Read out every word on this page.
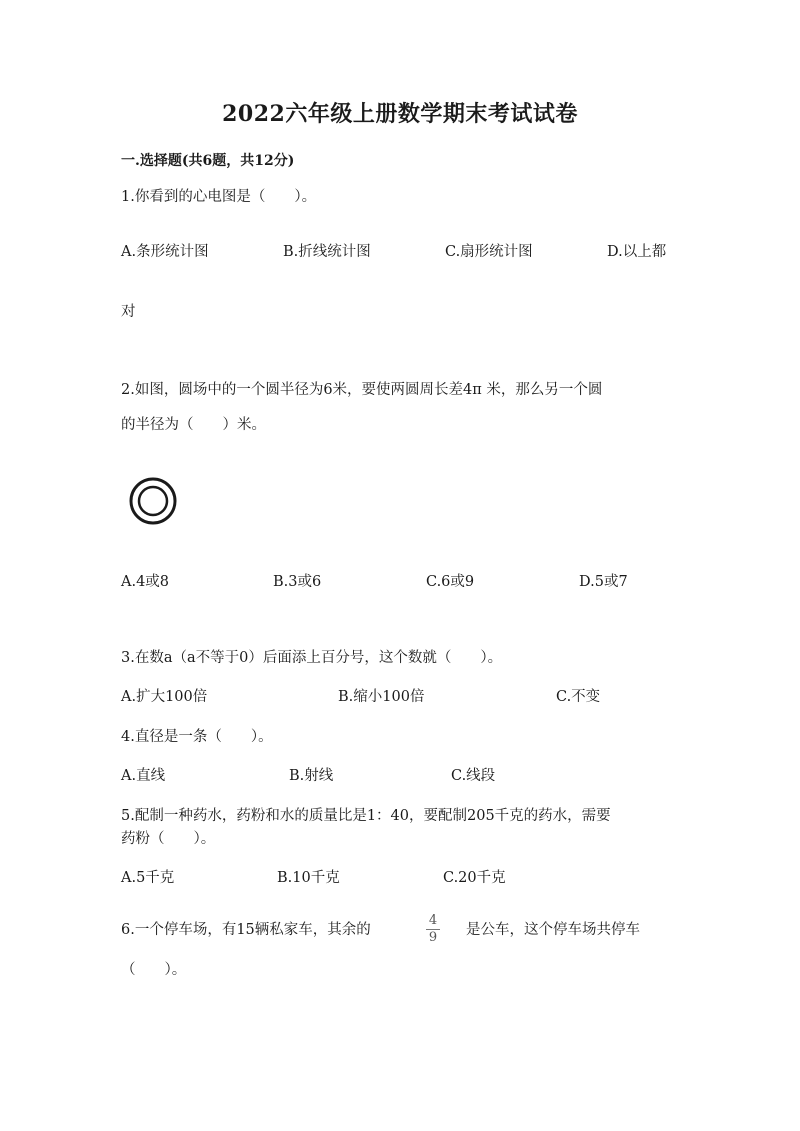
2022六年级上册数学期末考试试卷
一.选择题(共6题，共12分)
1.你看到的心电图是（　　）。
A.条形统计图	B.折线统计图	C.扇形统计图	D.以上都
对
2.如图，圆场中的一个圆半径为6米，要使两圆周长差4π 米，那么另一个圆
的半径为（　　）米。
A.4或8	B.3或6	C.6或9	D.5或7
3.在数a（a不等于0）后面添上百分号，这个数就（　　）。
A.扩大100倍	B.缩小100倍	C.不变
4.直径是一条（　　）。
A.直线	B.射线	C.线段
5.配制一种药水，药粉和水的质量比是1：40，要配制205千克的药水，需要
药粉（　　）。
A.5千克	B.10千克	C.20千克
6.一个停车场，有15辆私家车，其余的
4
9 是公车，这个停车场共停车
（　　）。
